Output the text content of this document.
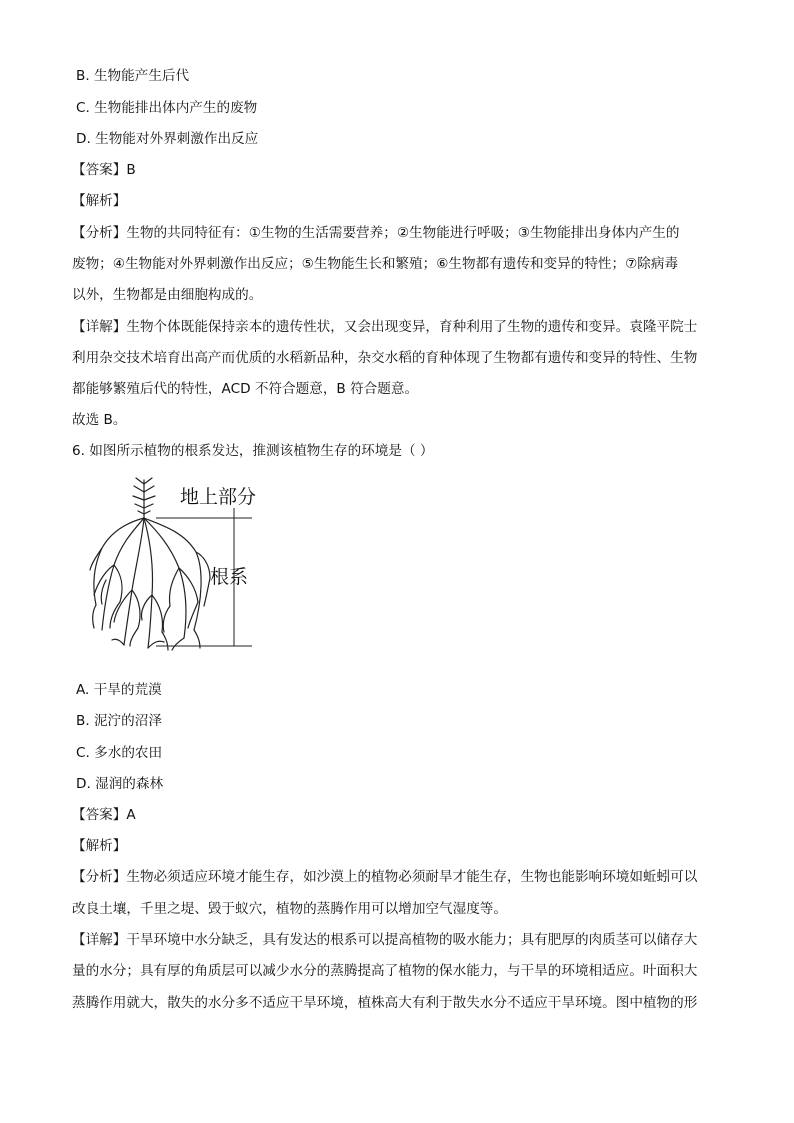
B. 生物能产生后代
C. 生物能排出体内产生的废物
D. 生物能对外界刺激作出反应
【答案】B
【解析】
【分析】生物的共同特征有：①生物的生活需要营养；②生物能进行呼吸；③生物能排出身体内产生的
废物；④生物能对外界刺激作出反应；⑤生物能生长和繁殖；⑥生物都有遗传和变异的特性；⑦除病毒
以外，生物都是由细胞构成的。
【详解】生物个体既能保持亲本的遗传性状，又会出现变异，育种利用了生物的遗传和变异。袁隆平院士
利用杂交技术培育出高产而优质的水稻新品种，杂交水稻的育种体现了生物都有遗传和变异的特性、生物
都能够繁殖后代的特性，ACD 不符合题意，B 符合题意。
故选 B。
6. 如图所示植物的根系发达，推测该植物生存的环境是（ ）
地上部分
根系
A. 干旱的荒漠
B. 泥泞的沼泽
C. 多水的农田
D. 湿润的森林
【答案】A
【解析】
【分析】生物必须适应环境才能生存，如沙漠上的植物必须耐旱才能生存，生物也能影响环境如蚯蚓可以
改良土壤，千里之堤、毁于蚁穴，植物的蒸腾作用可以增加空气湿度等。
【详解】干旱环境中水分缺乏，具有发达的根系可以提高植物的吸水能力；具有肥厚的肉质茎可以储存大
量的水分；具有厚的角质层可以减少水分的蒸腾提高了植物的保水能力，与干旱的环境相适应。叶面积大
蒸腾作用就大，散失的水分多不适应干旱环境，植株高大有利于散失水分不适应干旱环境。图中植物的形
